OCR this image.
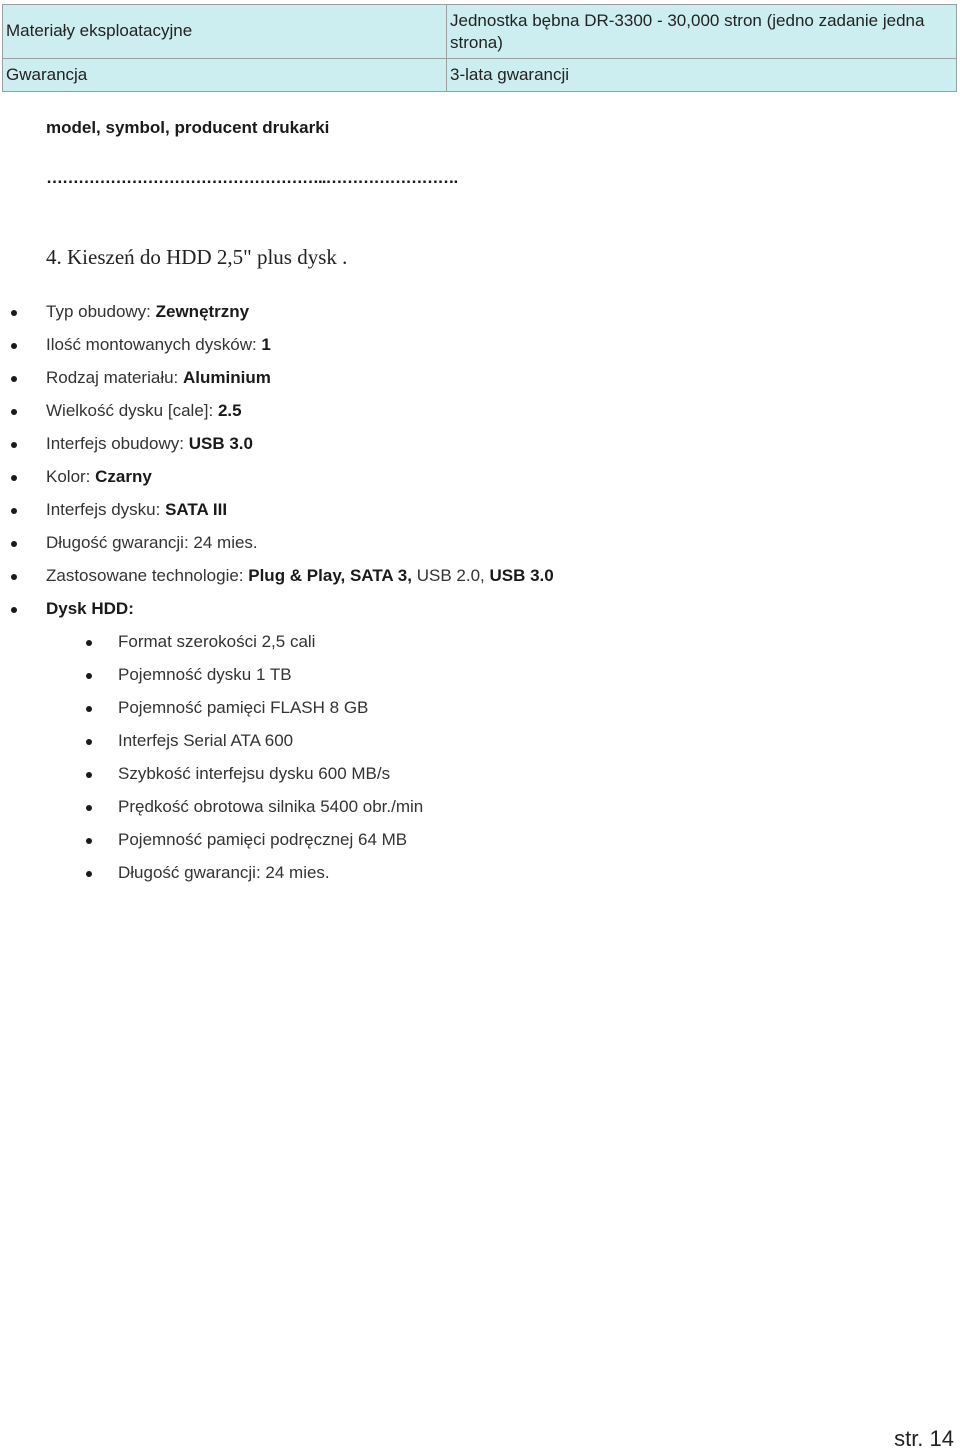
Materiały eksploatacyjne	Jednostka bębna DR-3300 - 30,000 stron (jedno zadanie jedna strona)
Gwarancja	3-lata gwarancji
model, symbol, producent drukarki
……………………………………………..…………………….
4. Kieszeń do HDD 2,5" plus dysk .
Typ obudowy: Zewnętrzny
Ilość montowanych dysków: 1
Rodzaj materiału: Aluminium
Wielkość dysku [cale]: 2.5
Interfejs obudowy: USB 3.0
Kolor: Czarny
Interfejs dysku: SATA III
Długość gwarancji: 24 mies.
Zastosowane technologie: Plug & Play, SATA 3, USB 2.0, USB 3.0
Dysk HDD:
Format szerokości 2,5 cali
Pojemność dysku 1 TB
Pojemność pamięci FLASH 8 GB
Interfejs Serial ATA 600
Szybkość interfejsu dysku 600 MB/s
Prędkość obrotowa silnika 5400 obr./min
Pojemność pamięci podręcznej 64 MB
Długość gwarancji: 24 mies.
str. 14
